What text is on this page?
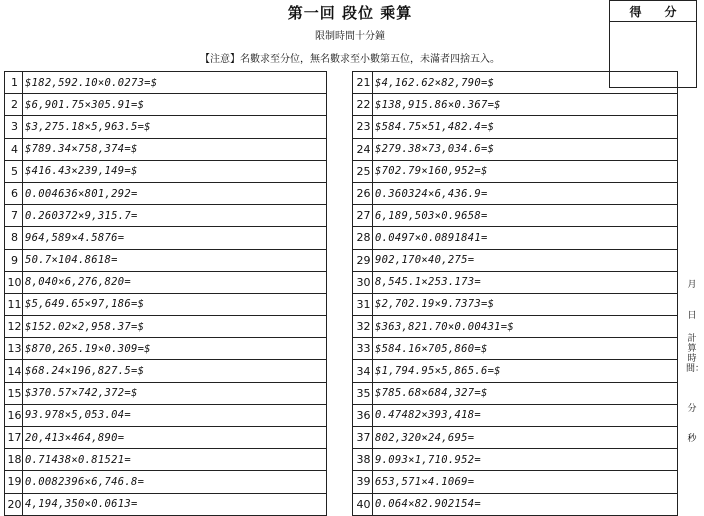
第一回 段位 乘算
限制時間十分鐘
【注意】名數求至分位，無名數求至小數第五位，未滿者四捨五入。
得 分
1	$182,592.10×0.0273=$
2	$6,901.75×305.91=$
3	$3,275.18×5,963.5=$
4	$789.34×758,374=$
5	$416.43×239,149=$
6	0.004636×801,292=
7	0.260372×9,315.7=
8	964,589×4.5876=
9	50.7×104.8618=
10	8,040×6,276,820=
11	$5,649.65×97,186=$
12	$152.02×2,958.37=$
13	$870,265.19×0.309=$
14	$68.24×196,827.5=$
15	$370.57×742,372=$
16	93.978×5,053.04=
17	20,413×464,890=
18	0.71438×0.81521=
19	0.0082396×6,746.8=
20	4,194,350×0.0613=
21	$4,162.62×82,790=$
22	$138,915.86×0.367=$
23	$584.75×51,482.4=$
24	$279.38×73,034.6=$
25	$702.79×160,952=$
26	0.360324×6,436.9=
27	6,189,503×0.9658=
28	0.0497×0.0891841=
29	902,170×40,275=
30	8,545.1×253.173=
31	$2,702.19×9.7373=$
32	$363,821.70×0.00431=$
33	$584.16×705,860=$
34	$1,794.95×5,865.6=$
35	$785.68×684,327=$
36	0.47482×393,418=
37	802,320×24,695=
38	9.093×1,710.952=
39	653,571×4.1069=
40	0.064×82.902154=
月
日
計算時間：
分
秒
